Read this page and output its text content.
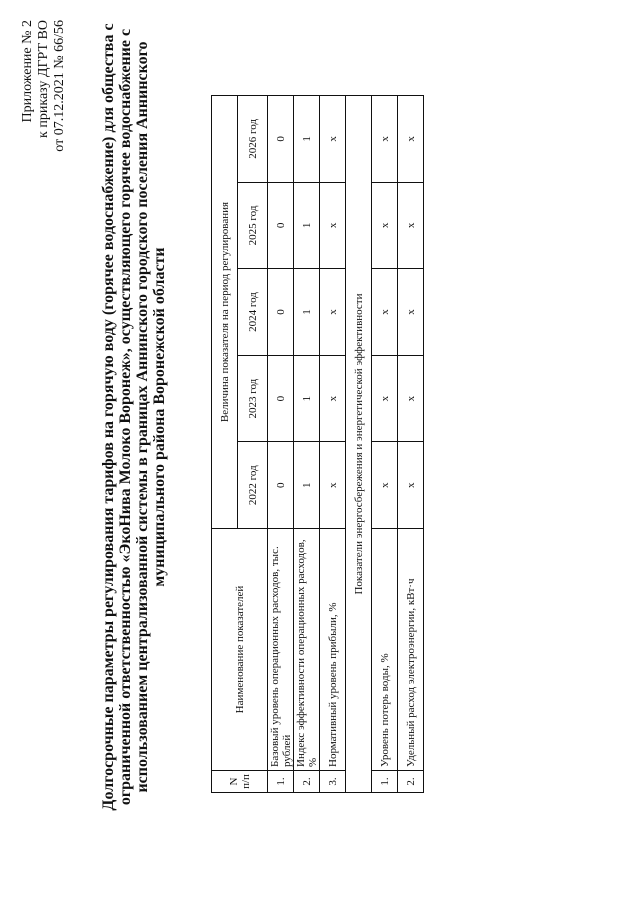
Приложение № 2 к приказу ДГРТ ВО от 07.12.2021 № 66/56 Долгосрочные параметры регулирования тарифов на горячую воду (горячее водоснабжение) для общества с ограниченной ответственностью «ЭкоНива Молоко Воронеж», осуществляющего горячее водоснабжение с использованием централизованной системы в границах Аннинского городского поселения Аннинского муниципального района Воронежской области
N п/п	Наименование показателей	Величина показателя на период регулирования				
		2022 год	2023 год	2024 год	2025 год	2026 год
1.	Базовый уровень операционных расходов, тыс. рублей	0	0	0	0	0
2.	Индекс эффективности операционных расходов, %	1	1	1	1	1
3.	Нормативный уровень прибыли, %	x	x	x	x	x
Показатели энергосбережения и энергетической эффективности						
1.	Уровень потерь воды, %	x	x	x	x	x
2.	Удельный расход электроэнергии, кВт·ч	x	x	x	x	x
